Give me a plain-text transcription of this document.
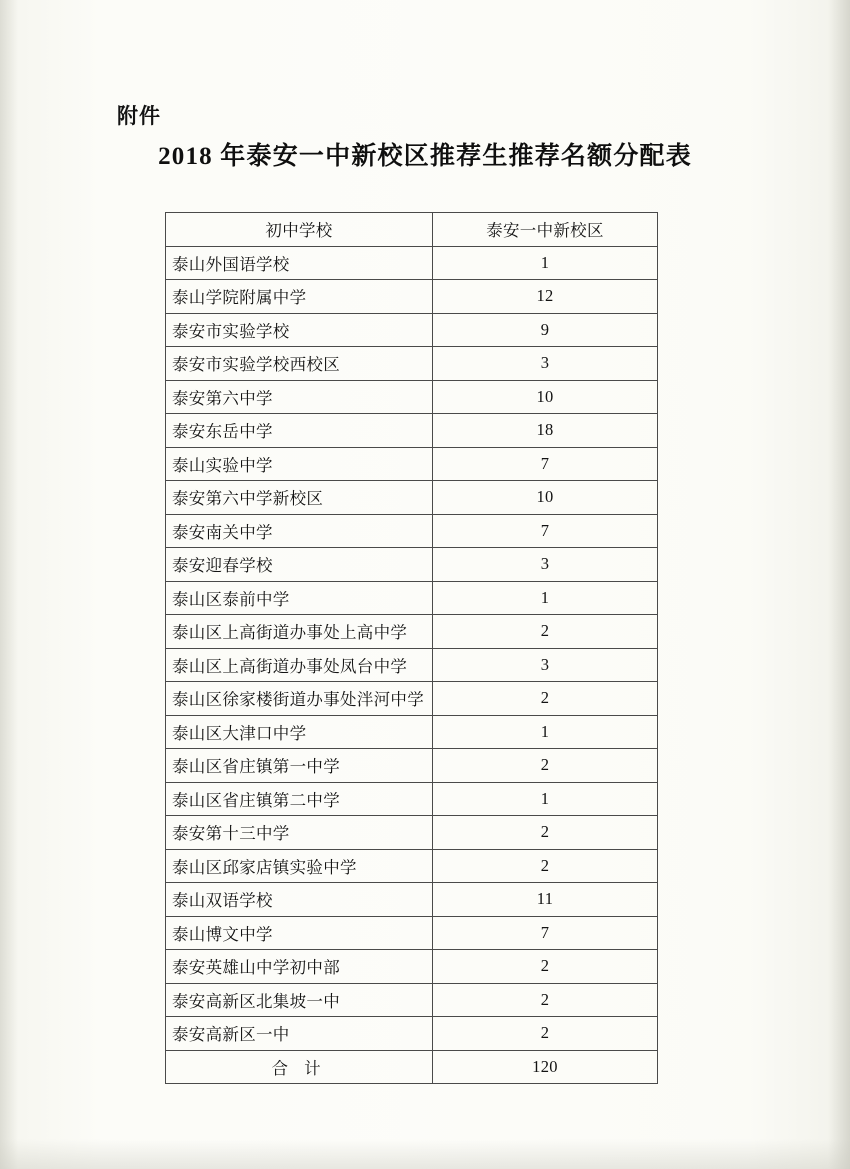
附件
2018 年泰安一中新校区推荐生推荐名额分配表
初中学校	泰安一中新校区
泰山外国语学校	1
泰山学院附属中学	12
泰安市实验学校	9
泰安市实验学校西校区	3
泰安第六中学	10
泰安东岳中学	18
泰山实验中学	7
泰安第六中学新校区	10
泰安南关中学	7
泰安迎春学校	3
泰山区泰前中学	1
泰山区上高街道办事处上高中学	2
泰山区上高街道办事处凤台中学	3
泰山区徐家楼街道办事处泮河中学	2
泰山区大津口中学	1
泰山区省庄镇第一中学	2
泰山区省庄镇第二中学	1
泰安第十三中学	2
泰山区邱家店镇实验中学	2
泰山双语学校	11
泰山博文中学	7
泰安英雄山中学初中部	2
泰安高新区北集坡一中	2
泰安高新区一中	2
合 计	120
